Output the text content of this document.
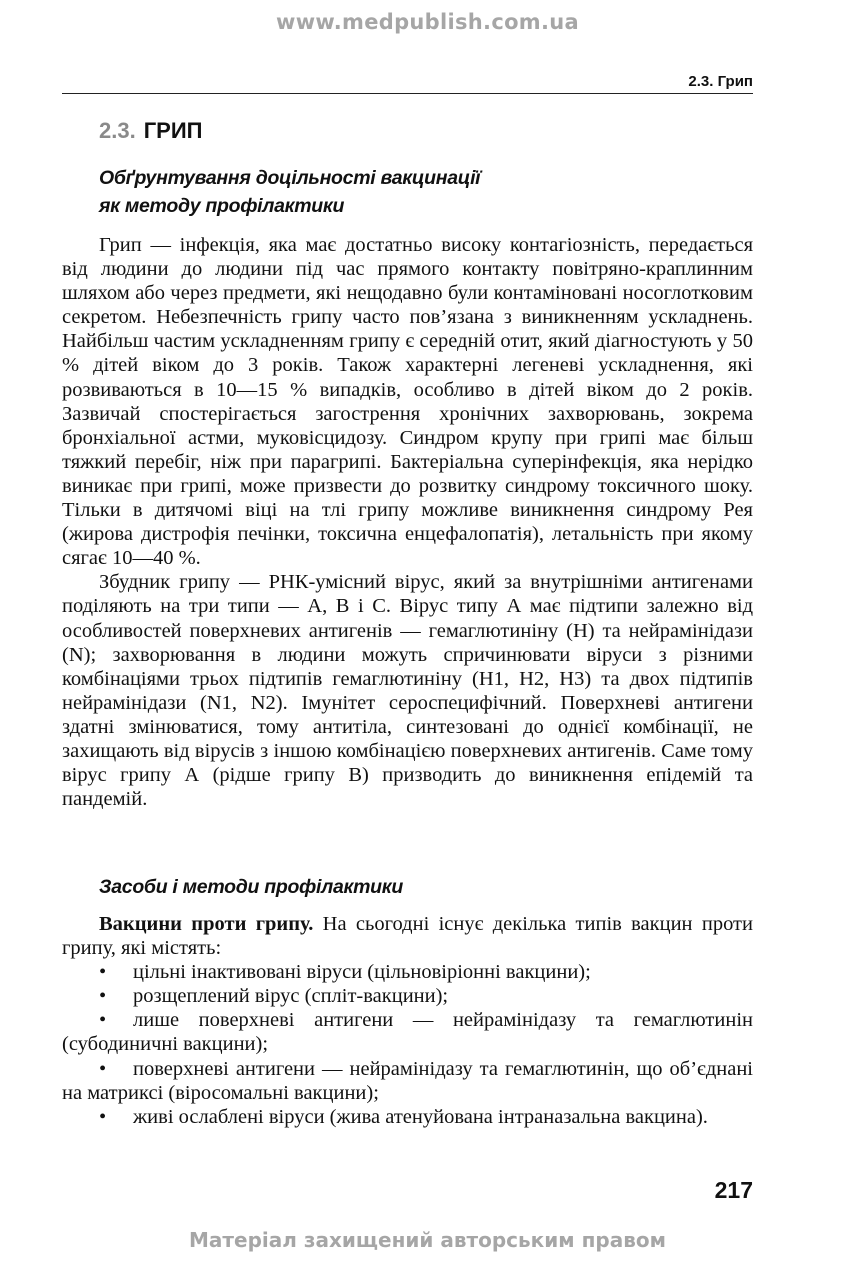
www.medpublish.com.ua
2.3. Грип
2.3. ГРИП
Обґрунтування доцільності вакцинації
як методу профілактики

Грип — інфекція, яка має достатньо високу контагіозність, передається від людини до людини під час прямого контакту повітряно-краплинним шляхом або через предмети, які нещодавно були контаміновані носоглотковим секретом. Небезпечність грипу часто пов’язана з виникненням ускладнень. Найбільш частим ускладненням грипу є середній отит, який діагностують у 50 % дітей віком до 3 років. Також характерні легеневі ускладнення, які розвиваються в 10—15 % випадків, особливо в дітей віком до 2 років. Зазвичай спостерігається загострення хронічних захворювань, зокрема бронхіальної астми, муковісцидозу. Синдром крупу при грипі має більш тяжкий перебіг, ніж при парагрипі. Бактеріальна суперінфекція, яка нерідко виникає при грипі, може призвести до розвитку синдрому токсичного шоку. Тільки в дитячомі віці на тлі грипу можливе виникнення синдрому Рея (жирова дистрофія печінки, токсична енцефалопатія), летальність при якому сягає 10—40 %.

Збудник грипу — РНК-умісний вірус, який за внутрішніми антигенами поділяють на три типи — А, В і С. Вірус типу А має підтипи залежно від особливостей поверхневих антигенів — гемаглютиніну (Н) та нейрамінідази (N); захворювання в людини можуть спричинювати віруси з різними комбінаціями трьох підтипів гемаглютиніну (Н1, Н2, Н3) та двох підтипів нейрамінідази (N1, N2). Імунітет сероспецифічний. Поверхневі антигени здатні змінюватися, тому антитіла, синтезовані до однієї комбінації, не захищають від вірусів з іншою комбінацією поверхневих антигенів. Саме тому вірус грипу А (рідше грипу В) призводить до виникнення епідемій та пандемій.

Засоби і методи профілактики

Вакцини проти грипу. На сьогодні існує декілька типів вакцин проти грипу, які містять:

• цільні інактивовані віруси (цільновіріонні вакцини);

• розщеплений вірус (спліт-вакцини);

• лише поверхневі антигени — нейрамінідазу та гемаглютинін (субодиничні вакцини);

• поверхневі антигени — нейрамінідазу та гемаглютинін, що об’єднані на матриксі (віросомальні вакцини);

• живі ослаблені віруси (жива атенуйована інтраназальна вакцина).

217
Матеріал захищений авторським правом
